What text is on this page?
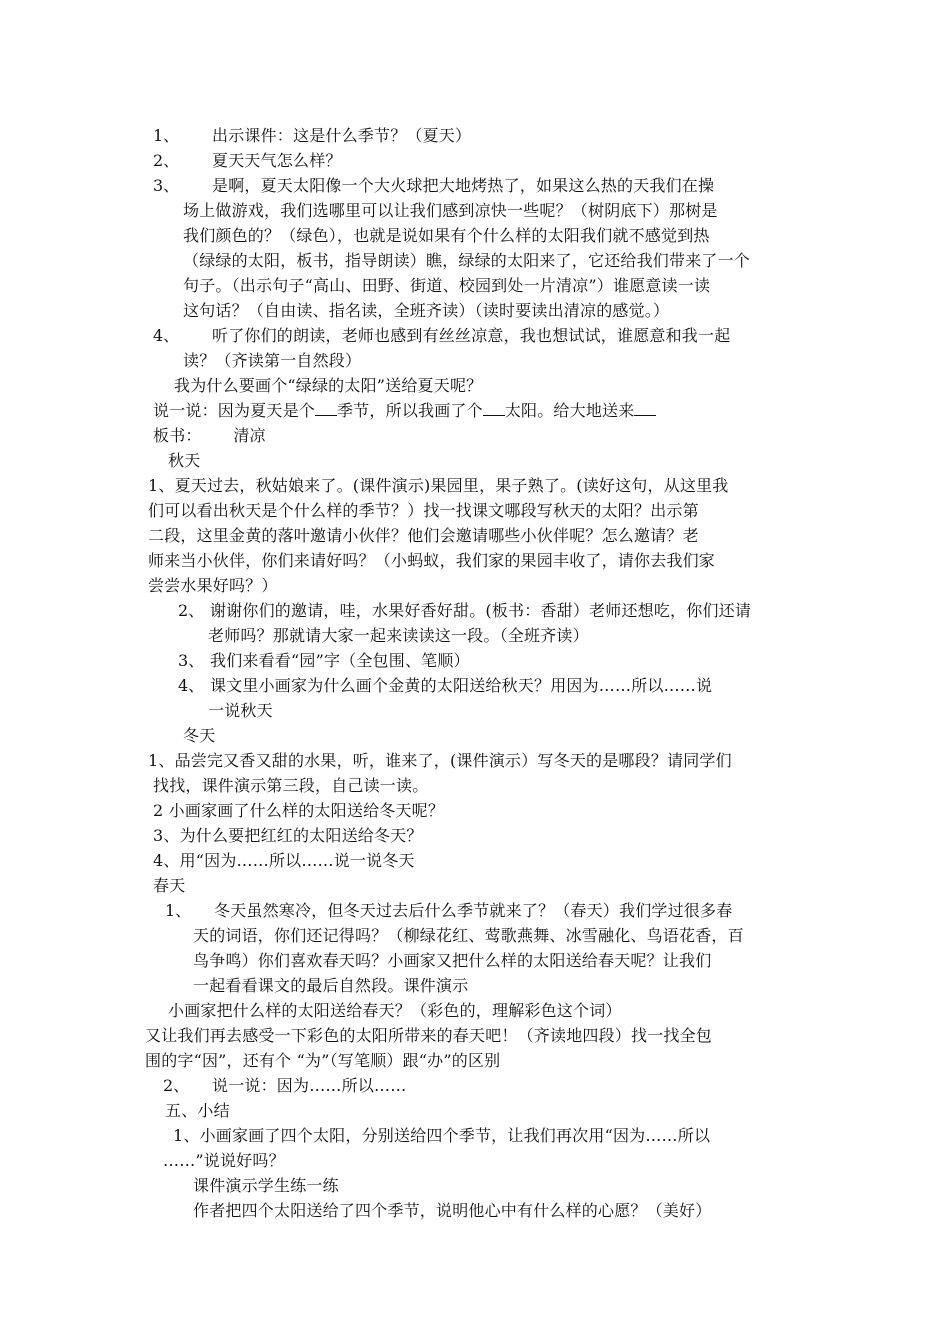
1、 出示课件：这是什么季节？（夏天）
2、 夏天天气怎么样？
3、 是啊，夏天太阳像一个大火球把大地烤热了，如果这么热的天我们在操
场上做游戏，我们选哪里可以让我们感到凉快一些呢？（树阴底下）那树是
我们颜色的？（绿色），也就是说如果有个什么样的太阳我们就不感觉到热
（绿绿的太阳，板书，指导朗读）瞧，绿绿的太阳来了，它还给我们带来了一个
句子。（出示句子“高山、田野、街道、校园到处一片清凉”）谁愿意读一读
这句话？（自由读、指名读，全班齐读）（读时要读出清凉的感觉。）
4、 听了你们的朗读，老师也感到有丝丝凉意，我也想试试，谁愿意和我一起
读？（齐读第一自然段）
我为什么要画个“绿绿的太阳”送给夏天呢？
说一说：因为夏天是个 季节，所以我画了个 太阳。给大地送来
板书：      清凉
秋天
1、夏天过去，秋姑娘来了。(课件演示)果园里，果子熟了。(读好这句，从这里我
们可以看出秋天是个什么样的季节？）找一找课文哪段写秋天的太阳？出示第
二段，这里金黄的落叶邀请小伙伴？他们会邀请哪些小伙伴呢？怎么邀请？老
师来当小伙伴，你们来请好吗？（小蚂蚁，我们家的果园丰收了，请你去我们家
尝尝水果好吗？）
2、 谢谢你们的邀请，哇，水果好香好甜。(板书：香甜）老师还想吃，你们还请
老师吗？那就请大家一起来读读这一段。（全班齐读）
3、 我们来看看“园”字（全包围、笔顺）
4、 课文里小画家为什么画个金黄的太阳送给秋天？用因为……所以……说
一说秋天
冬天
1、品尝完又香又甜的水果，听，谁来了，(课件演示）写冬天的是哪段？请同学们
找找，课件演示第三段，自己读一读。
2 小画家画了什么样的太阳送给冬天呢？
3、为什么要把红红的太阳送给冬天？
4、用“因为……所以……说一说冬天
春天
1、 冬天虽然寒冷，但冬天过去后什么季节就来了？（春天）我们学过很多春
天的词语，你们还记得吗？（柳绿花红、莺歌燕舞、冰雪融化、鸟语花香，百
鸟争鸣）你们喜欢春天吗？小画家又把什么样的太阳送给春天呢？让我们
一起看看课文的最后自然段。课件演示
小画家把什么样的太阳送给春天？（彩色的，理解彩色这个词）
又让我们再去感受一下彩色的太阳所带来的春天吧！（齐读地四段）找一找全包
围的字“因”，还有个 “为”（写笔顺）跟“办”的区别
2、 说一说：因为……所以……
五、小结
1、小画家画了四个太阳，分别送给四个季节，让我们再次用“因为……所以
……”说说好吗？
课件演示学生练一练
作者把四个太阳送给了四个季节，说明他心中有什么样的心愿？（美好）
